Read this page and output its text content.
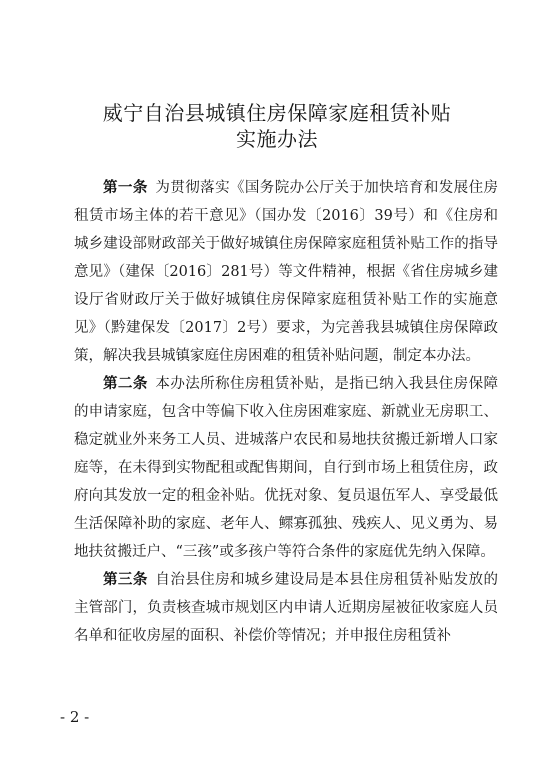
威宁自治县城镇住房保障家庭租赁补贴
实施办法

第一条  为贯彻落实《国务院办公厅关于加快培育和发展住房租赁市场主体的若干意见》（国办发〔2016〕39号）和《住房和城乡建设部财政部关于做好城镇住房保障家庭租赁补贴工作的指导意见》（建保〔2016〕281号）等文件精神，根据《省住房城乡建设厅省财政厅关于做好城镇住房保障家庭租赁补贴工作的实施意见》（黔建保发〔2017〕2号）要求，为完善我县城镇住房保障政策，解决我县城镇家庭住房困难的租赁补贴问题，制定本办法。

第二条  本办法所称住房租赁补贴，是指已纳入我县住房保障的申请家庭，包含中等偏下收入住房困难家庭、新就业无房职工、稳定就业外来务工人员、进城落户农民和易地扶贫搬迁新增人口家庭等，在未得到实物配租或配售期间，自行到市场上租赁住房，政府向其发放一定的租金补贴。优抚对象、复员退伍军人、享受最低生活保障补助的家庭、老年人、鳏寡孤独、残疾人、见义勇为、易地扶贫搬迁户、“三孩”或多孩户等符合条件的家庭优先纳入保障。

第三条  自治县住房和城乡建设局是本县住房租赁补贴发放的主管部门，负责核查城市规划区内申请人近期房屋被征收家庭人员名单和征收房屋的面积、补偿价等情况；并申报住房租赁补

- 2 -
